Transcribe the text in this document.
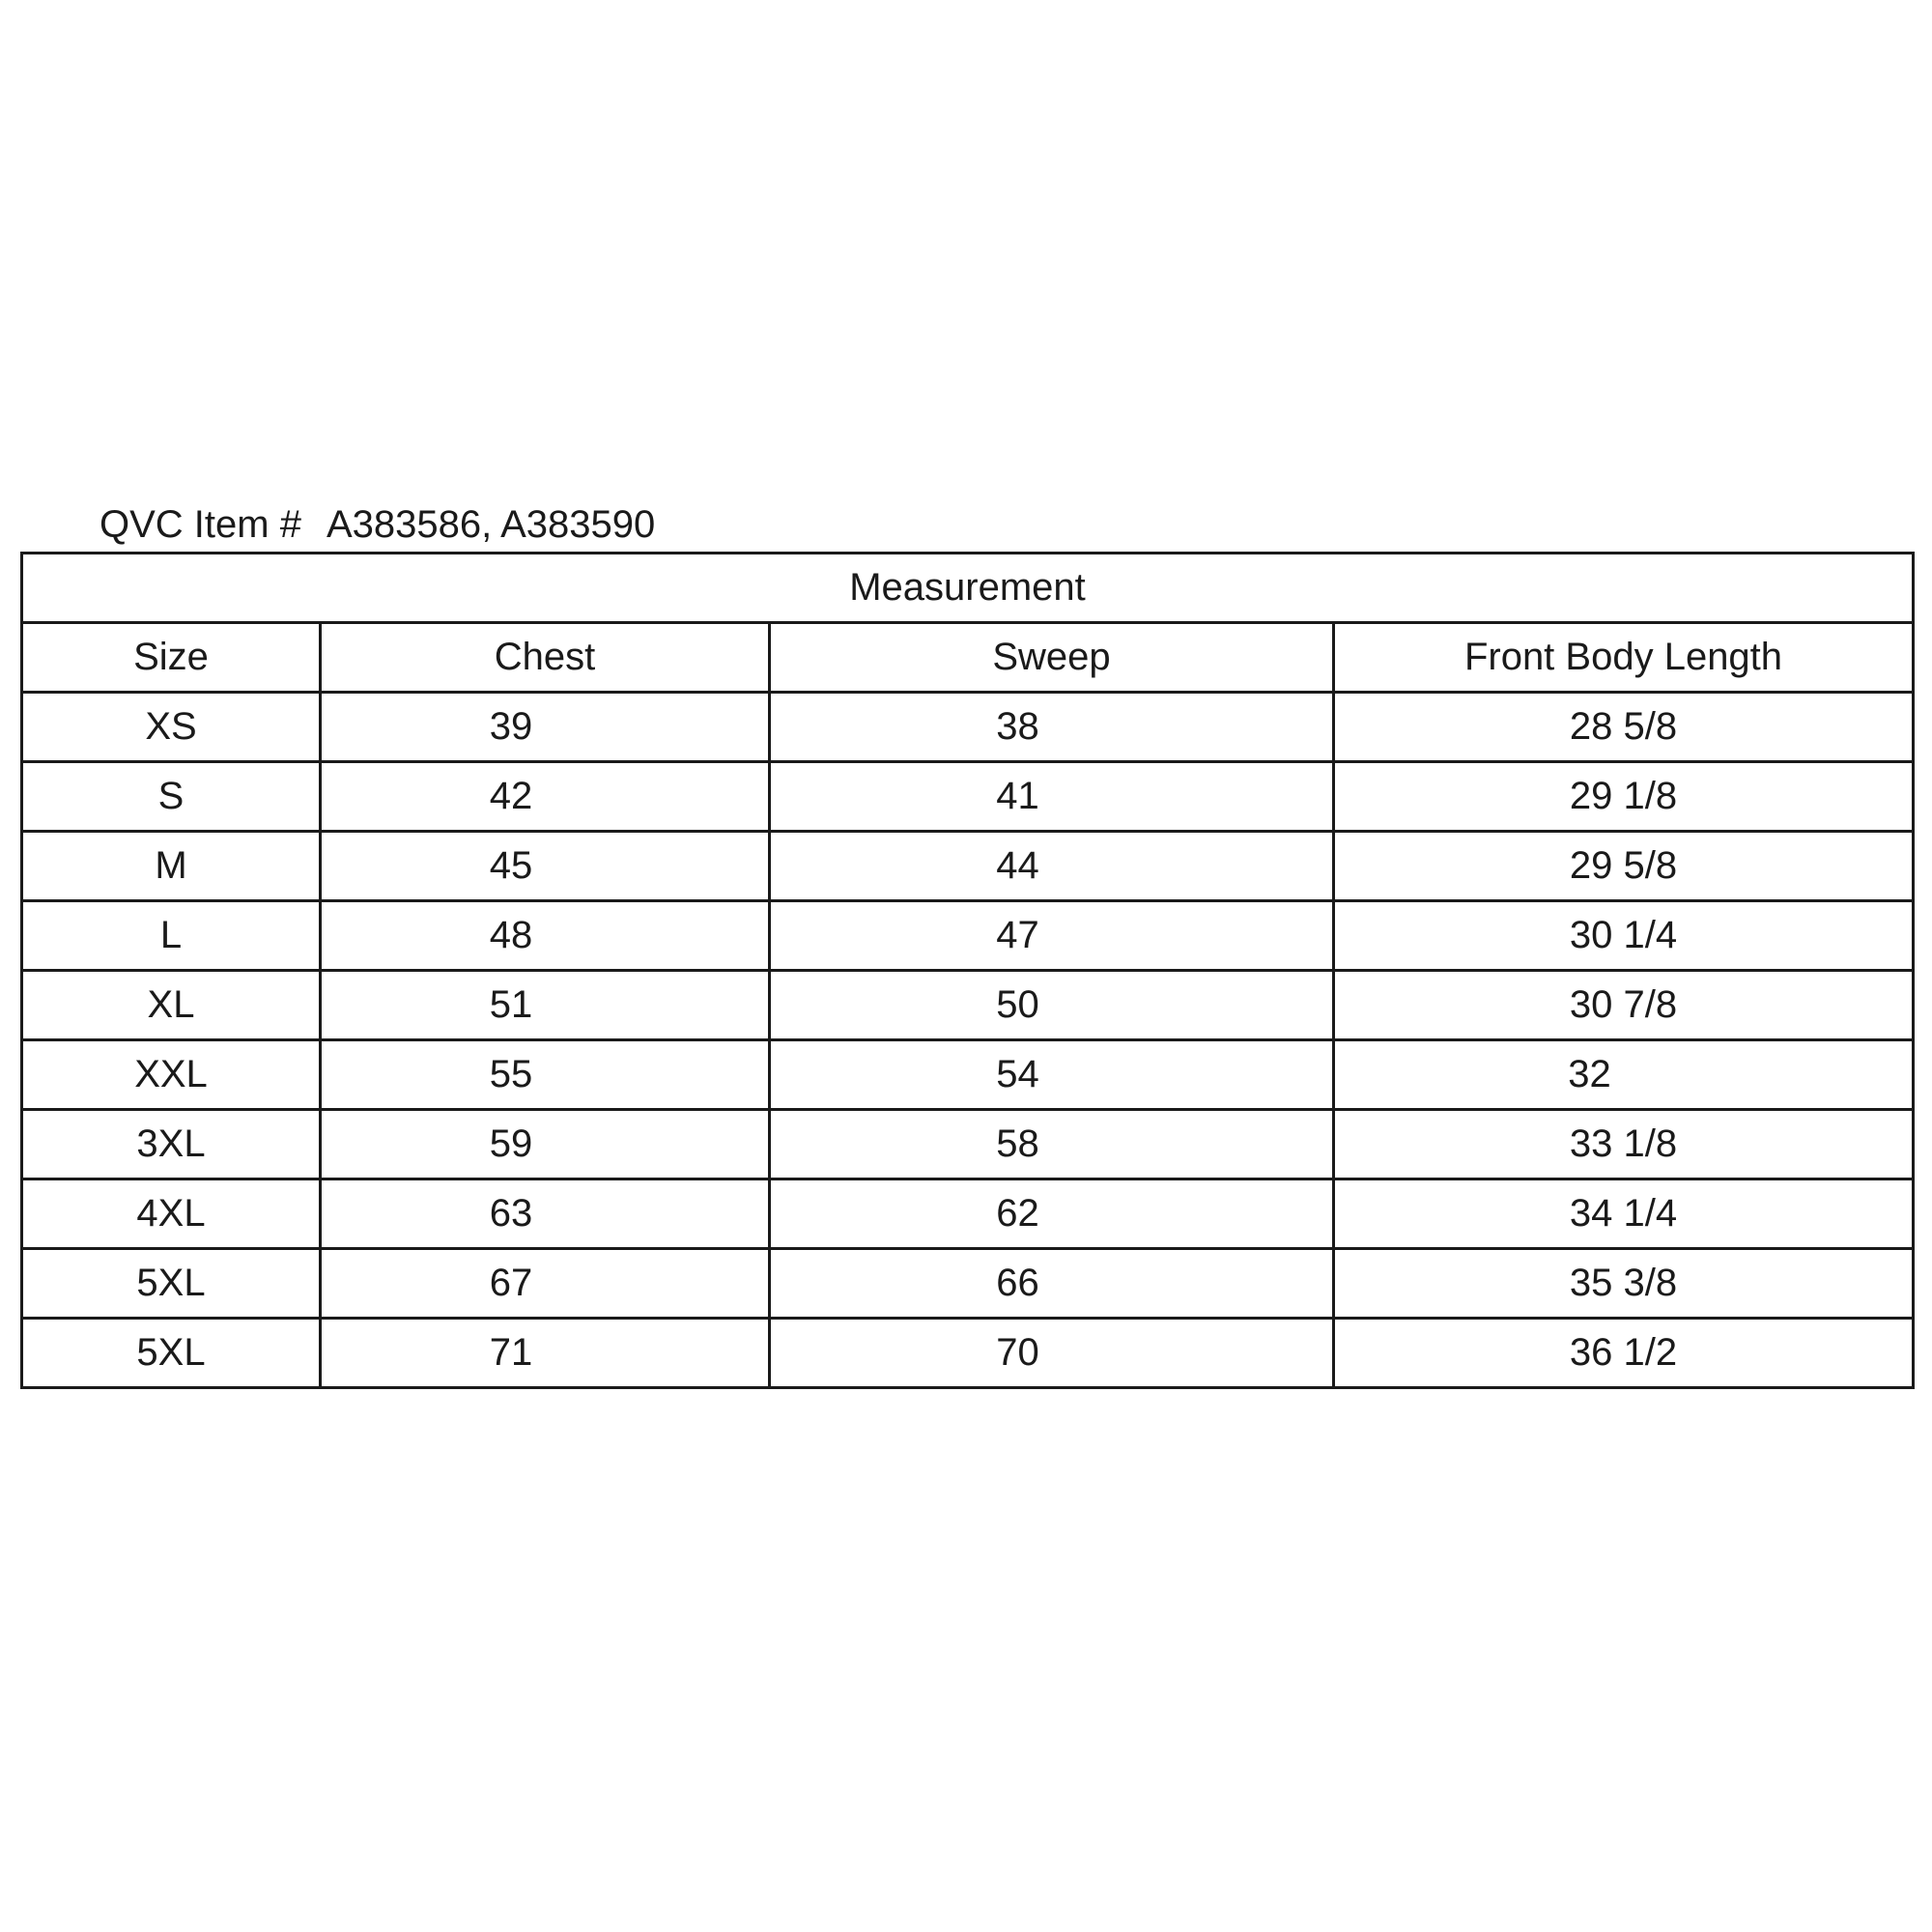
QVC Item # A383586, A383590
Measurement			
Size	Chest	Sweep	Front Body Length
XS	39	38	28 5/8
S	42	41	29 1/8
M	45	44	29 5/8
L	48	47	30 1/4
XL	51	50	30 7/8
XXL	55	54	32
3XL	59	58	33 1/8
4XL	63	62	34 1/4
5XL	67	66	35 3/8
5XL	71	70	36 1/2
